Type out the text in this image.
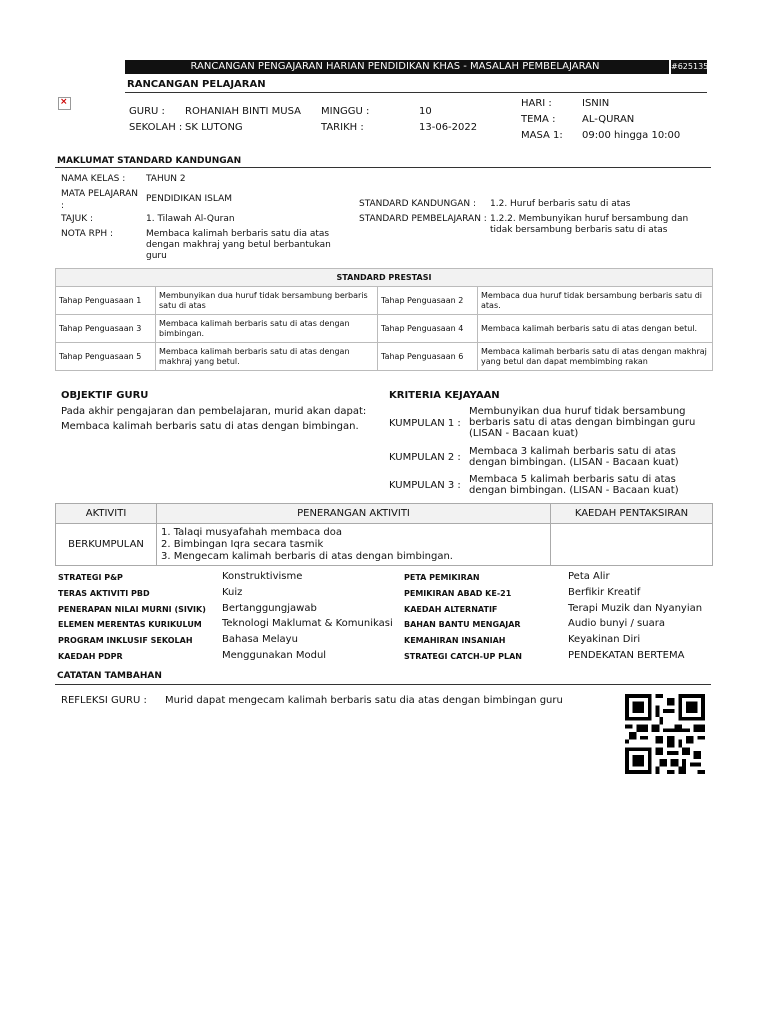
RANCANGAN PENGAJARAN HARIAN PENDIDIKAN KHAS - MASALAH PEMBELAJARAN	#625135
RANCANGAN PELAJARAN
×
GURU : ROHANIAH BINTI MUSA
SEKOLAH : SK LUTONG
MINGGU :	10
TARIKH :	13-06-2022
HARI :	ISNIN
TEMA :	AL-QURAN
MASA 1: 09:00 hingga 10:00
MAKLUMAT STANDARD KANDUNGAN
NAMA KELAS : TAHUN 2
MATA PELAJARAN :
PENDIDIKAN ISLAM
TAJUK :	1. Tilawah Al-Quran
NOTA RPH :	Membaca kalimah berbaris satu dia atas dengan makhraj yang betul berbantukan guru
STANDARD KANDUNGAN : 1.2. Huruf berbaris satu di atas
STANDARD PEMBELAJARAN : 1.2.2. Membunyikan huruf bersambung dan tidak bersambung berbaris satu di atas
STANDARD PRESTASI			
Tahap Penguasaan 1	Membunyikan dua huruf tidak bersambung berbaris satu di atas	Tahap Penguasaan 2	Membaca dua huruf tidak bersambung berbaris satu di atas.
Tahap Penguasaan 3	Membaca kalimah berbaris satu di atas dengan bimbingan.	Tahap Penguasaan 4	Membaca kalimah berbaris satu di atas dengan betul.
Tahap Penguasaan 5	Membaca kalimah berbaris satu di atas dengan makhraj yang betul.	Tahap Penguasaan 6	Membaca kalimah berbaris satu di atas dengan makhraj yang betul dan dapat membimbing rakan
OBJEKTIF GURU
Pada akhir pengajaran dan pembelajaran, murid akan dapat:
Membaca kalimah berbaris satu di atas dengan bimbingan.
KRITERIA KEJAYAAN
KUMPULAN 1 :
Membunyikan dua huruf tidak bersambung berbaris satu di atas dengan bimbingan guru (LISAN - Bacaan kuat)
KUMPULAN 2 :
Membaca 3 kalimah berbaris satu di atas dengan bimbingan. (LISAN - Bacaan kuat)
KUMPULAN 3 :
Membaca 5 kalimah berbaris satu di atas dengan bimbingan. (LISAN - Bacaan kuat)
AKTIVITI	PENERANGAN AKTIVITI	KAEDAH PENTAKSIRAN
BERKUMPULAN	1. Talaqi musyafahah membaca doa
2. Bimbingan Iqra secara tasmik
3. Mengecam kalimah berbaris di atas dengan bimbingan.	

STRATEGI P&P	Konstruktivisme
TERAS AKTIVITI PBD	Kuiz
PENERAPAN NILAI MURNI (SIVIK) Bertanggungjawab
ELEMEN MERENTAS KURIKULUM Teknologi Maklumat & Komunikasi
PROGRAM INKLUSIF SEKOLAH	Bahasa Melayu
KAEDAH PDPR	Menggunakan Modul
PETA PEMIKIRAN	Peta Alir
PEMIKIRAN ABAD KE-21	Berfikir Kreatif
KAEDAH ALTERNATIF	Terapi Muzik dan Nyanyian
BAHAN BANTU MENGAJAR	Audio bunyi / suara
KEMAHIRAN INSANIAH	Keyakinan Diri
STRATEGI CATCH-UP PLAN	PENDEKATAN BERTEMA
CATATAN TAMBAHAN
REFLEKSI GURU : Murid dapat mengecam kalimah berbaris satu dia atas dengan bimbingan guru
